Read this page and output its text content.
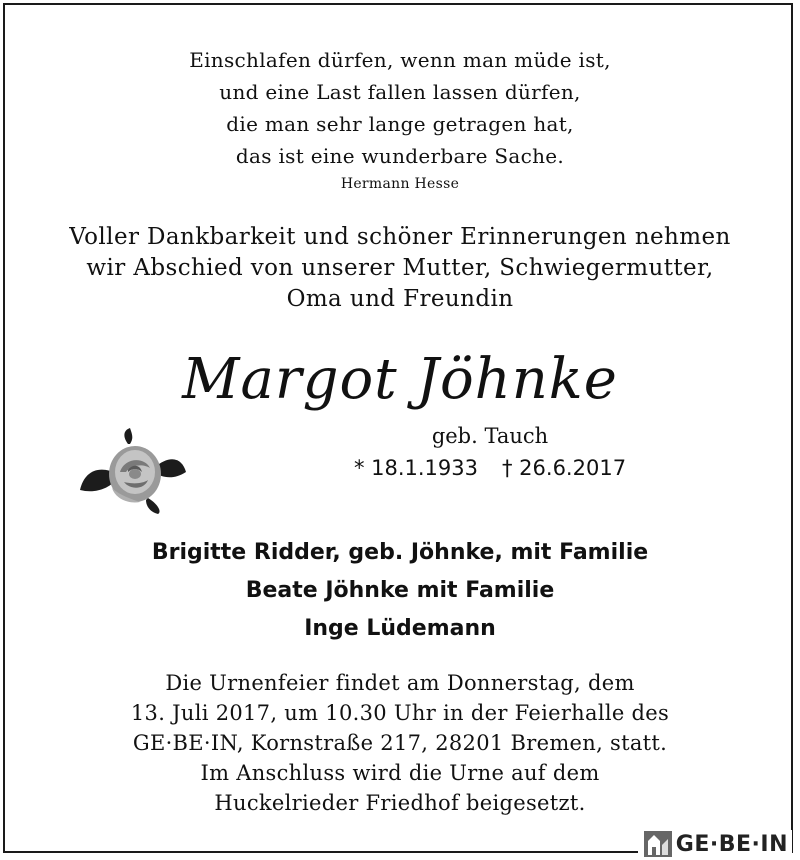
Einschlafen dürfen, wenn man müde ist,
und eine Last fallen lassen dürfen,
die man sehr lange getragen hat,
das ist eine wunderbare Sache.
Hermann Hesse
Voller Dankbarkeit und schöner Erinnerungen nehmen
wir Abschied von unserer Mutter, Schwiegermutter,
Oma und Freundin
Margot Jöhnke
geb. Tauch
* 18.1.1933 † 26.6.2017
Brigitte Ridder, geb. Jöhnke, mit Familie
Beate Jöhnke mit Familie
Inge Lüdemann
Die Urnenfeier findet am Donnerstag, dem
13. Juli 2017, um 10.30 Uhr in der Feierhalle des
GE·BE·IN, Kornstraße 217, 28201 Bremen, statt.
Im Anschluss wird die Urne auf dem
Huckelrieder Friedhof beigesetzt.
GE·BE·IN
